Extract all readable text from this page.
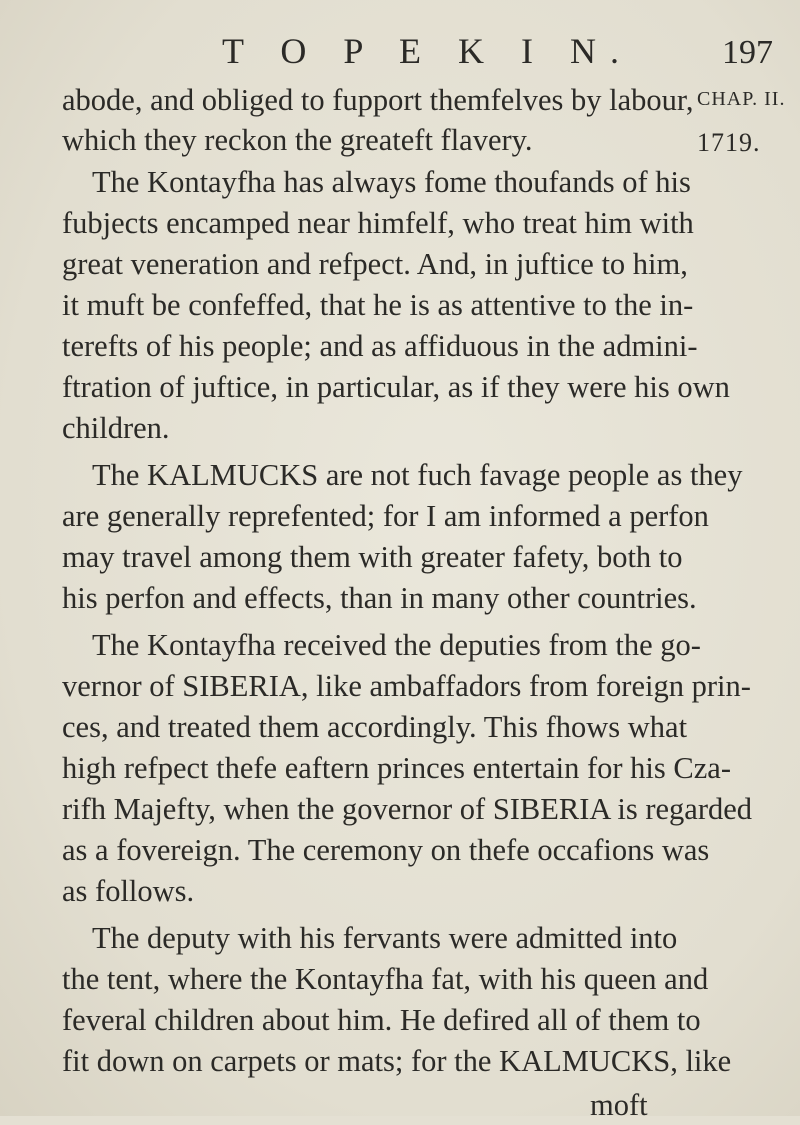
T O P E K I N.	197
CHAP. II.
1719.
abode, and obliged to fupport themfelves by labour,
which they reckon the greateft flavery.
The Kontayfha has always fome thoufands of his
fubjects encamped near himfelf, who treat him with
great veneration and refpect. And, in juftice to him,
it muft be confeffed, that he is as attentive to the in-
terefts of his people; and as affiduous in the admini-
ftration of juftice, in particular, as if they were his own
children.
The KALMUCKS are not fuch favage people as they
are generally reprefented; for I am informed a perfon
may travel among them with greater fafety, both to
his perfon and effects, than in many other countries.
The Kontayfha received the deputies from the go-
vernor of SIBERIA, like ambaffadors from foreign prin-
ces, and treated them accordingly. This fhows what
high refpect thefe eaftern princes entertain for his Cza-
rifh Majefty, when the governor of SIBERIA is regarded
as a fovereign. The ceremony on thefe occafions was
as follows.
The deputy with his fervants were admitted into
the tent, where the Kontayfha fat, with his queen and
feveral children about him. He defired all of them to
fit down on carpets or mats; for the KALMUCKS, like
moft
